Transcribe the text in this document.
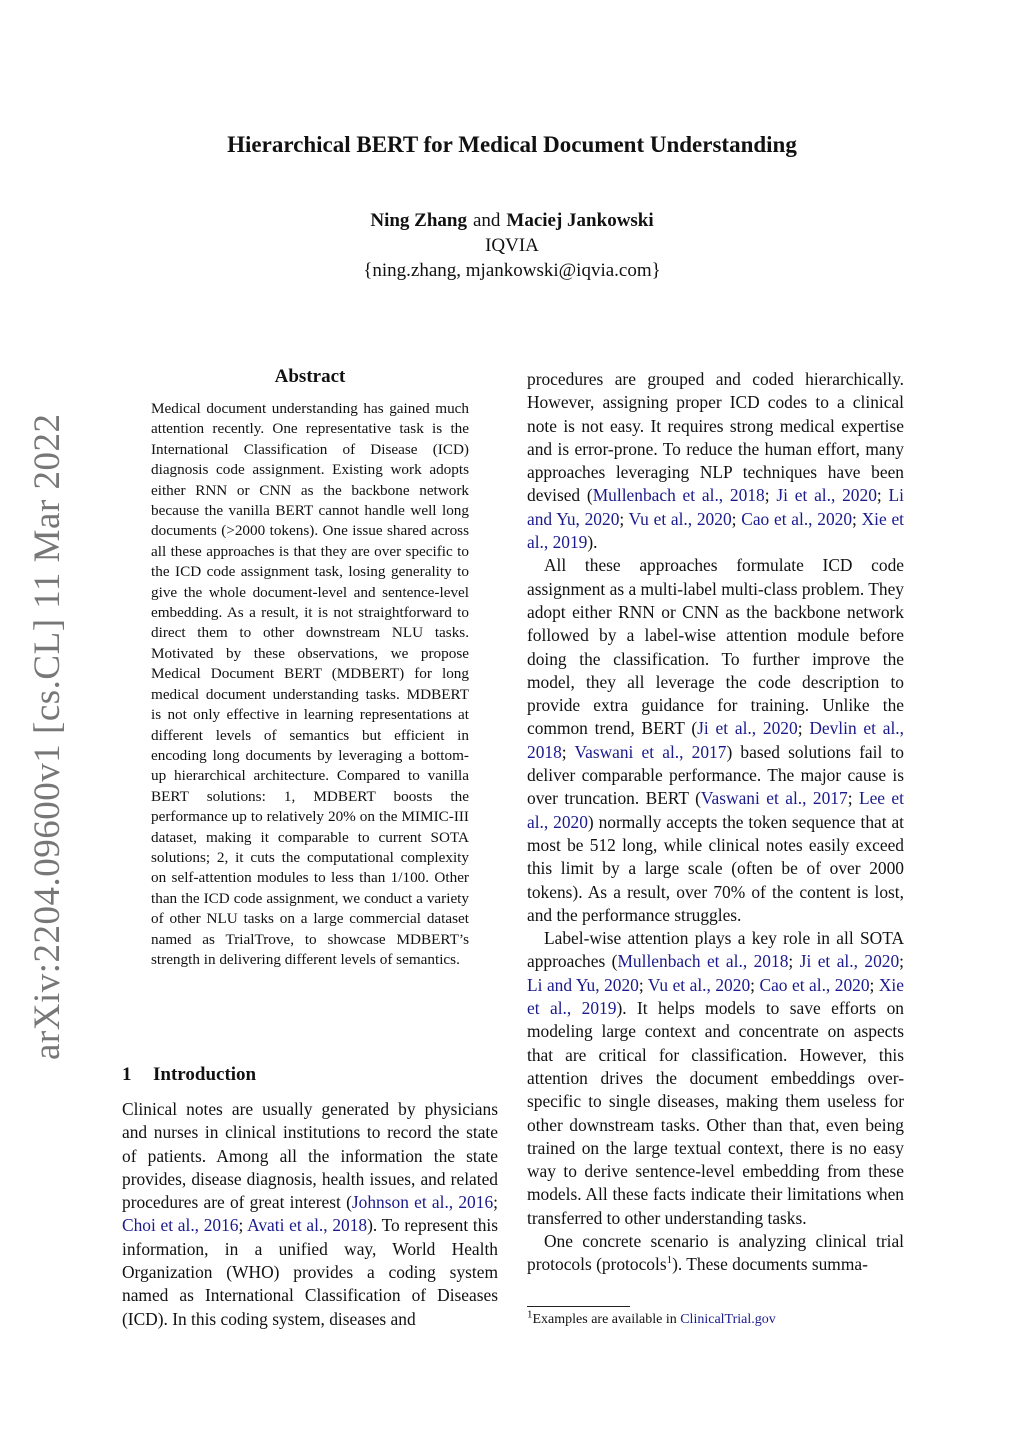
arXiv:2204.09600v1 [cs.CL] 11 Mar 2022
Hierarchical BERT for Medical Document Understanding
Ning Zhang and Maciej Jankowski
IQVIA
{ning.zhang, mjankowski@iqvia.com}
Abstract
Medical document understanding has gained much attention recently. One representative task is the International Classification of Disease (ICD) diagnosis code assignment. Existing work adopts either RNN or CNN as the backbone network because the vanilla BERT cannot handle well long documents (>2000 tokens). One issue shared across all these approaches is that they are over specific to the ICD code assignment task, losing generality to give the whole document-level and sentence-level embedding. As a result, it is not straightforward to direct them to other downstream NLU tasks. Motivated by these observations, we propose Medical Document BERT (MDBERT) for long medical document understanding tasks. MDBERT is not only effective in learning representations at different levels of semantics but efficient in encoding long documents by leveraging a bottom-up hierarchical architecture. Compared to vanilla BERT solutions: 1, MDBERT boosts the performance up to relatively 20% on the MIMIC-III dataset, making it comparable to current SOTA solutions; 2, it cuts the computational complexity on self-attention modules to less than 1/100. Other than the ICD code assignment, we conduct a variety of other NLU tasks on a large commercial dataset named as TrialTrove, to showcase MDBERT’s strength in delivering different levels of semantics.
1 Introduction

Clinical notes are usually generated by physicians and nurses in clinical institutions to record the state of patients. Among all the information the state provides, disease diagnosis, health issues, and related procedures are of great interest (Johnson et al., 2016; Choi et al., 2016; Avati et al., 2018). To represent this information, in a unified way, World Health Organization (WHO) provides a coding system named as International Classification of Diseases (ICD). In this coding system, diseases and

procedures are grouped and coded hierarchically. However, assigning proper ICD codes to a clinical note is not easy. It requires strong medical expertise and is error-prone. To reduce the human effort, many approaches leveraging NLP techniques have been devised (Mullenbach et al., 2018; Ji et al., 2020; Li and Yu, 2020; Vu et al., 2020; Cao et al., 2020; Xie et al., 2019).

All these approaches formulate ICD code assignment as a multi-label multi-class problem. They adopt either RNN or CNN as the backbone network followed by a label-wise attention module before doing the classification. To further improve the model, they all leverage the code description to provide extra guidance for training. Unlike the common trend, BERT (Ji et al., 2020; Devlin et al., 2018; Vaswani et al., 2017) based solutions fail to deliver comparable performance. The major cause is over truncation. BERT (Vaswani et al., 2017; Lee et al., 2020) normally accepts the token sequence that at most be 512 long, while clinical notes easily exceed this limit by a large scale (often be of over 2000 tokens). As a result, over 70% of the content is lost, and the performance struggles.

Label-wise attention plays a key role in all SOTA approaches (Mullenbach et al., 2018; Ji et al., 2020; Li and Yu, 2020; Vu et al., 2020; Cao et al., 2020; Xie et al., 2019). It helps models to save efforts on modeling large context and concentrate on aspects that are critical for classification. However, this attention drives the document embeddings over-specific to single diseases, making them useless for other downstream tasks. Other than that, even being trained on the large textual context, there is no easy way to derive sentence-level embedding from these models. All these facts indicate their limitations when transferred to other understanding tasks.

One concrete scenario is analyzing clinical trial protocols (protocols$^1$). These documents summa-

$^1$Examples are available in ClinicalTrial.gov
